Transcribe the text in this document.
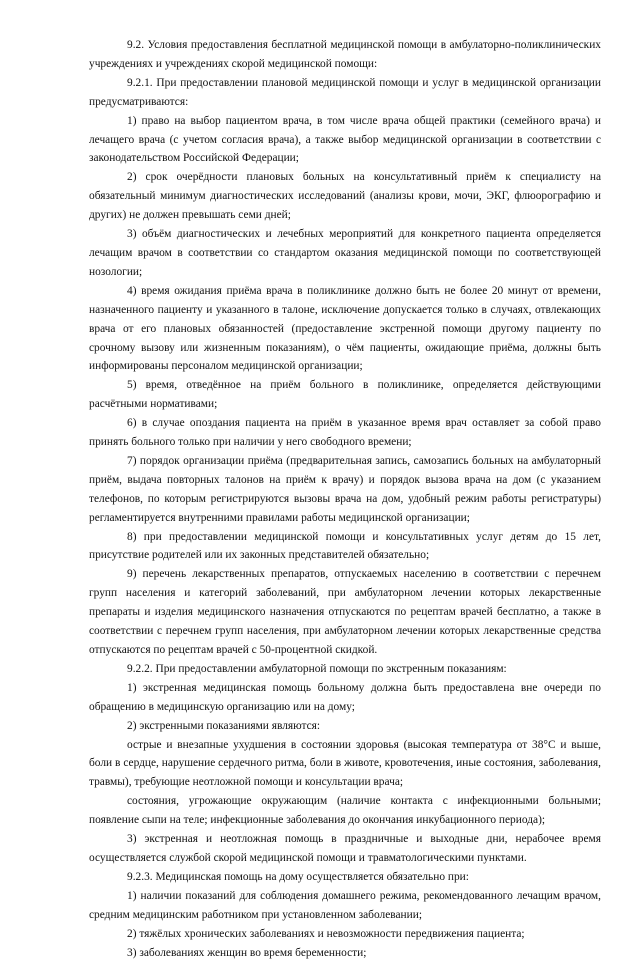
9.2. Условия предоставления бесплатной медицинской помощи в амбулаторно-поликлинических учреждениях и учреждениях скорой медицинской помощи:

9.2.1. При предоставлении плановой медицинской помощи и услуг в медицинской организации предусматриваются:

1) право на выбор пациентом врача, в том числе врача общей практики (семейного врача) и лечащего врача (с учетом согласия врача), а также выбор медицинской организации в соответствии с законодательством Российской Федерации;

2) срок очерёдности плановых больных на консультативный приём к специалисту на обязательный минимум диагностических исследований (анализы крови, мочи, ЭКГ, флюорографию и других) не должен превышать семи дней;

3) объём диагностических и лечебных мероприятий для конкретного пациента определяется лечащим врачом в соответствии со стандартом оказания медицинской помощи по соответствующей нозологии;

4) время ожидания приёма врача в поликлинике должно быть не более 20 минут от времени, назначенного пациенту и указанного в талоне, исключение допускается только в случаях, отвлекающих врача от его плановых обязанностей (предоставление экстренной помощи другому пациенту по срочному вызову или жизненным показаниям), о чём пациенты, ожидающие приёма, должны быть информированы персоналом медицинской организации;

5) время, отведённое на приём больного в поликлинике, определяется действующими расчётными нормативами;

6) в случае опоздания пациента на приём в указанное время врач оставляет за собой право принять больного только при наличии у него свободного времени;

7) порядок организации приёма (предварительная запись, самозапись больных на амбулаторный приём, выдача повторных талонов на приём к врачу) и порядок вызова врача на дом (с указанием телефонов, по которым регистрируются вызовы врача на дом, удобный режим работы регистратуры) регламентируется внутренними правилами работы медицинской организации;

8) при предоставлении медицинской помощи и консультативных услуг детям до 15 лет, присутствие родителей или их законных представителей обязательно;

9) перечень лекарственных препаратов, отпускаемых населению в соответствии с перечнем групп населения и категорий заболеваний, при амбулаторном лечении которых лекарственные препараты и изделия медицинского назначения отпускаются по рецептам врачей бесплатно, а также в соответствии с перечнем групп населения, при амбулаторном лечении которых лекарственные средства отпускаются по рецептам врачей с 50-процентной скидкой.

9.2.2. При предоставлении амбулаторной помощи по экстренным показаниям:

1) экстренная медицинская помощь больному должна быть предоставлена вне очереди по обращению в медицинскую организацию или на дому;

2) экстренными показаниями являются:

острые и внезапные ухудшения в состоянии здоровья (высокая температура от 38°С и выше, боли в сердце, нарушение сердечного ритма, боли в животе, кровотечения, иные состояния, заболевания, травмы), требующие неотложной помощи и консультации врача;

состояния, угрожающие окружающим (наличие контакта с инфекционными больными; появление сыпи на теле; инфекционные заболевания до окончания инкубационного периода);

3) экстренная и неотложная помощь в праздничные и выходные дни, нерабочее время осуществляется службой скорой медицинской помощи и травматологическими пунктами.

9.2.3. Медицинская помощь на дому осуществляется обязательно при:

1) наличии показаний для соблюдения домашнего режима, рекомендованного лечащим врачом, средним медицинским работником при установленном заболевании;

2) тяжёлых хронических заболеваниях и невозможности передвижения пациента;

3) заболеваниях женщин во время беременности;
